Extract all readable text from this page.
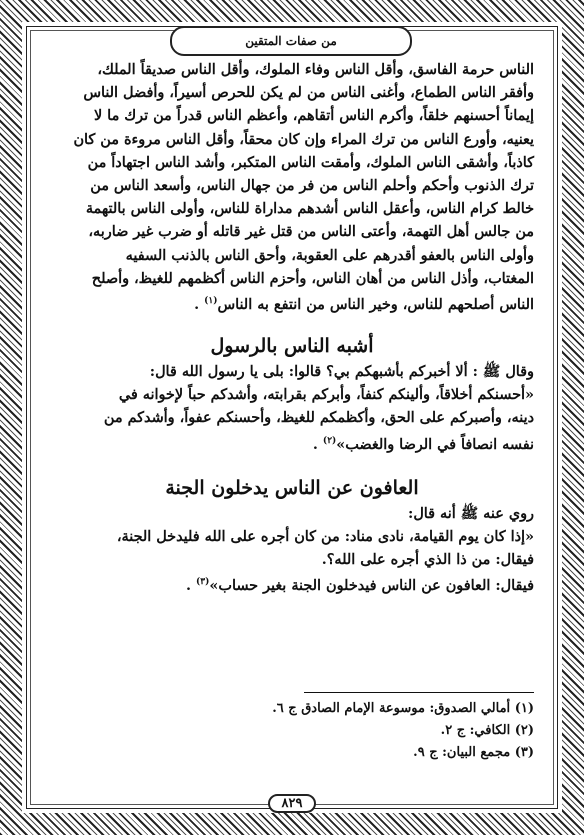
من صفات المتقين

الناس حرمة الفاسق، وأقل الناس وفاء الملوك، وأقل الناس صديقاً الملك،
وأفقر الناس الطماع، وأغنى الناس من لم يكن للحرص أسيراً، وأفضل الناس
إيماناً أحسنهم خلقاً، وأكرم الناس أتقاهم، وأعظم الناس قدراً من ترك ما لا
يعنيه، وأورع الناس من ترك المراء وإن كان محقاً، وأقل الناس مروءة من كان
كاذباً، وأشقى الناس الملوك، وأمقت الناس المتكبر، وأشد الناس اجتهاداً من
ترك الذنوب وأحكم وأحلم الناس من فر من جهال الناس، وأسعد الناس من
خالط كرام الناس، وأعقل الناس أشدهم مداراة للناس، وأولى الناس بالتهمة
من جالس أهل التهمة، وأعتى الناس من قتل غير قاتله أو ضرب غير ضاربه،
وأولى الناس بالعفو أقدرهم على العقوبة، وأحق الناس بالذنب السفيه
المغتاب، وأذل الناس من أهان الناس، وأحزم الناس أكظمهم للغيظ، وأصلح
الناس أصلحهم للناس، وخير الناس من انتفع به الناس$^{(١)}$ .

أشبه الناس بالرسول

وقال ﷺ : ألا أخبركم بأشبهكم بي؟ قالوا: بلى يا رسول الله قال:
«أحسنكم أخلاقاً، وألينكم كنفاً، وأبركم بقرابته، وأشدكم حباً لإخوانه في
دينه، وأصبركم على الحق، وأكظمكم للغيظ، وأحسنكم عفواً، وأشدكم من
نفسه انصافاً في الرضا والغضب»$^{(٢)}$ .

العافون عن الناس يدخلون الجنة

روي عنه ﷺ أنه قال:
«إذا كان يوم القيامة، نادى مناد: من كان أجره على الله فليدخل الجنة،
فيقال: من ذا الذي أجره على الله؟.
فيقال: العافون عن الناس فيدخلون الجنة بغير حساب»$^{(٣)}$ .

(١) أمالي الصدوق: موسوعة الإمام الصادق ج ٦.
(٢) الكافي: ج ٢.
(٣) مجمع البيان: ج ٩.
٨٢٩
